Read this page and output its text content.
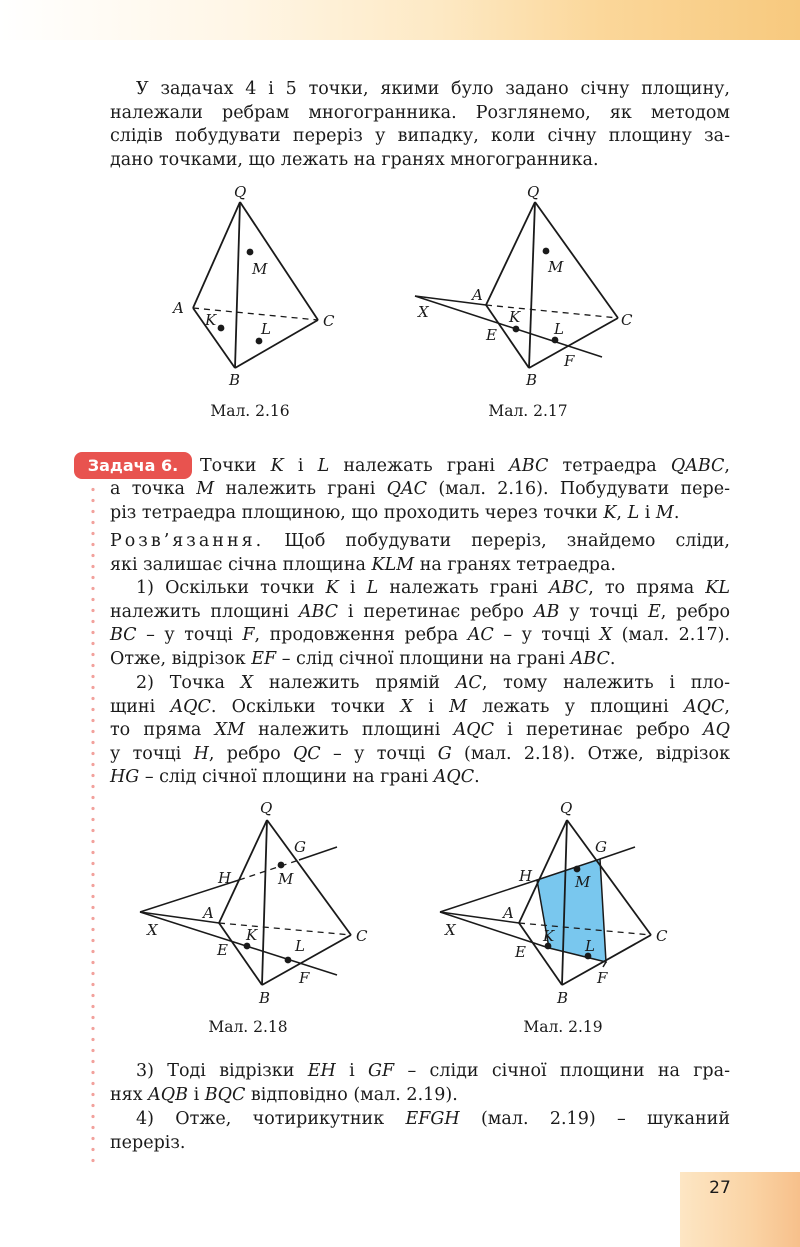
У задачах 4 і 5 точки, якими було задано січну площину,
належали ребрам многогранника. Розглянемо, як методом
слідів побудувати переріз у випадку, коли січну площину за-
дано точками, що лежать на гранях многогранника.
Q
M
A
K	L	C
B
Мал. 2.16
Q
M
A
X	K
E	L	C
F
B
Мал. 2.17
Задача 6.	Точки K і L належать грані ABC тетраедра QABC,
а точка M належить грані QAC (мал. 2.16). Побудувати пере-
різ тетраедра площиною, що проходить через точки K, L і M.
Розв’язання. Щоб побудувати переріз, знайдемо сліди,
які залишає січна площина KLM на гранях тетраедра.
1) Оскільки точки K і L належать грані ABC, то пряма KL
належить площині ABC і перетинає ребро AB у точці E, ребро
BC – у точці F, продовження ребра AC – у точці X (мал. 2.17).
Отже, відрізок EF – слід січної площини на грані ABC.
2) Точка X належить прямій AC, тому належить і пло-
щині AQC. Оскільки точки X і M лежать у площині AQC,
то пряма XM належить площині AQC і перетинає ребро AQ
у точці H, ребро QC – у точці G (мал. 2.18). Отже, відрізок
HG – слід січної площини на грані AQC.
Q
G
H	M
A
X	K	C
E	L
F
B
Мал. 2.18
Q
G
H	M
A
X	K	C
E	L
F
B
Мал. 2.19
3) Тоді відрізки EH і GF – сліди січної площини на гра-
нях AQB і BQC відповідно (мал. 2.19).
4) Отже, чотирикутник EFGH (мал. 2.19) – шуканий
переріз.
27
